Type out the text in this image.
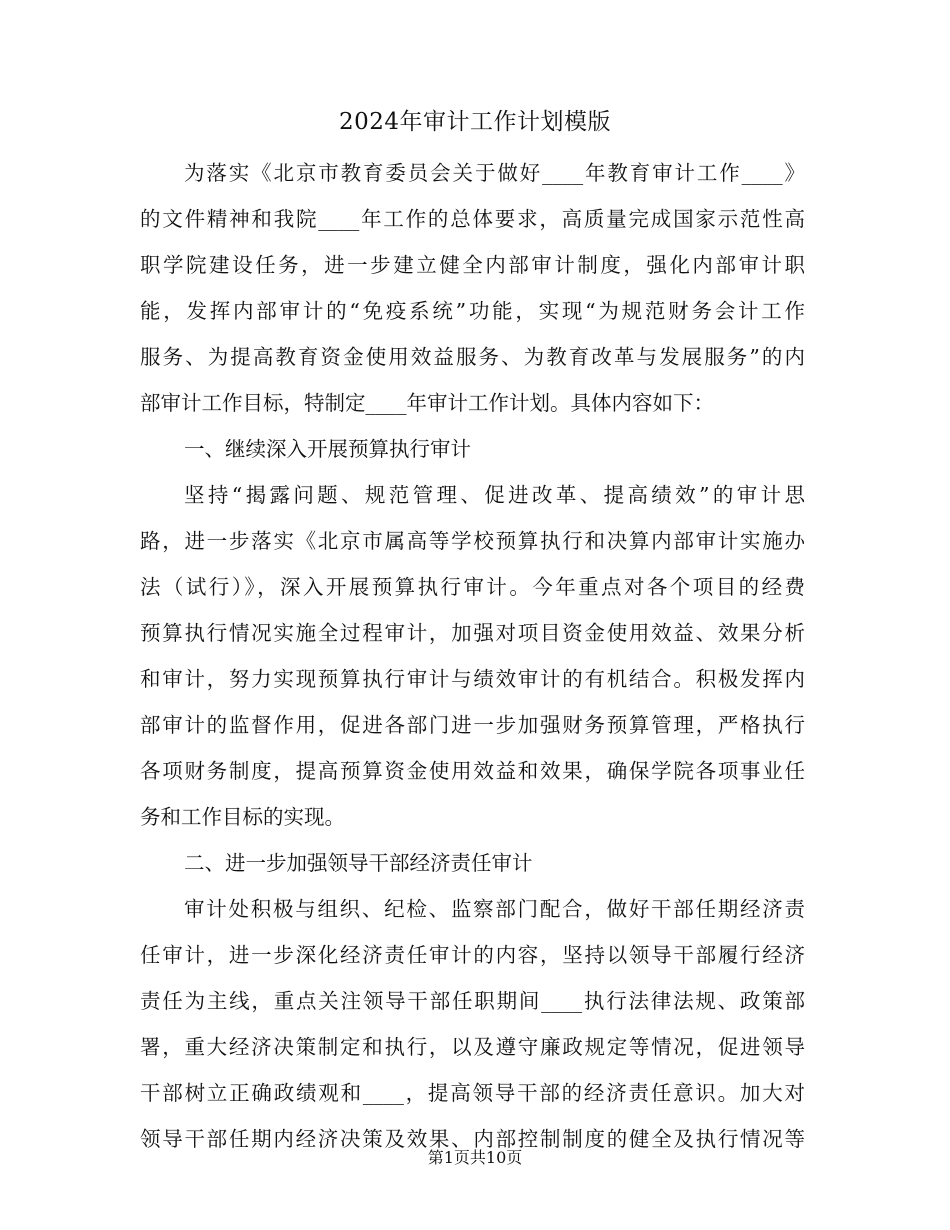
2024年审计工作计划模版
为落实《北京市教育委员会关于做好____年教育审计工作____》
的文件精神和我院____年工作的总体要求，高质量完成国家示范性高
职学院建设任务，进一步建立健全内部审计制度，强化内部审计职
能，发挥内部审计的“免疫系统”功能，实现“为规范财务会计工作
服务、为提高教育资金使用效益服务、为教育改革与发展服务”的内
部审计工作目标，特制定____年审计工作计划。具体内容如下：
一、继续深入开展预算执行审计
坚持“揭露问题、规范管理、促进改革、提高绩效”的审计思
路，进一步落实《北京市属高等学校预算执行和决算内部审计实施办
法（试行）》，深入开展预算执行审计。今年重点对各个项目的经费
预算执行情况实施全过程审计，加强对项目资金使用效益、效果分析
和审计，努力实现预算执行审计与绩效审计的有机结合。积极发挥内
部审计的监督作用，促进各部门进一步加强财务预算管理，严格执行
各项财务制度，提高预算资金使用效益和效果，确保学院各项事业任
务和工作目标的实现。
二、进一步加强领导干部经济责任审计
审计处积极与组织、纪检、监察部门配合，做好干部任期经济责
任审计，进一步深化经济责任审计的内容，坚持以领导干部履行经济
责任为主线，重点关注领导干部任职期间____执行法律法规、政策部
署，重大经济决策制定和执行，以及遵守廉政规定等情况，促进领导
干部树立正确政绩观和____，提高领导干部的经济责任意识。加大对
领导干部任期内经济决策及效果、内部控制制度的健全及执行情况等
第1页共10页
